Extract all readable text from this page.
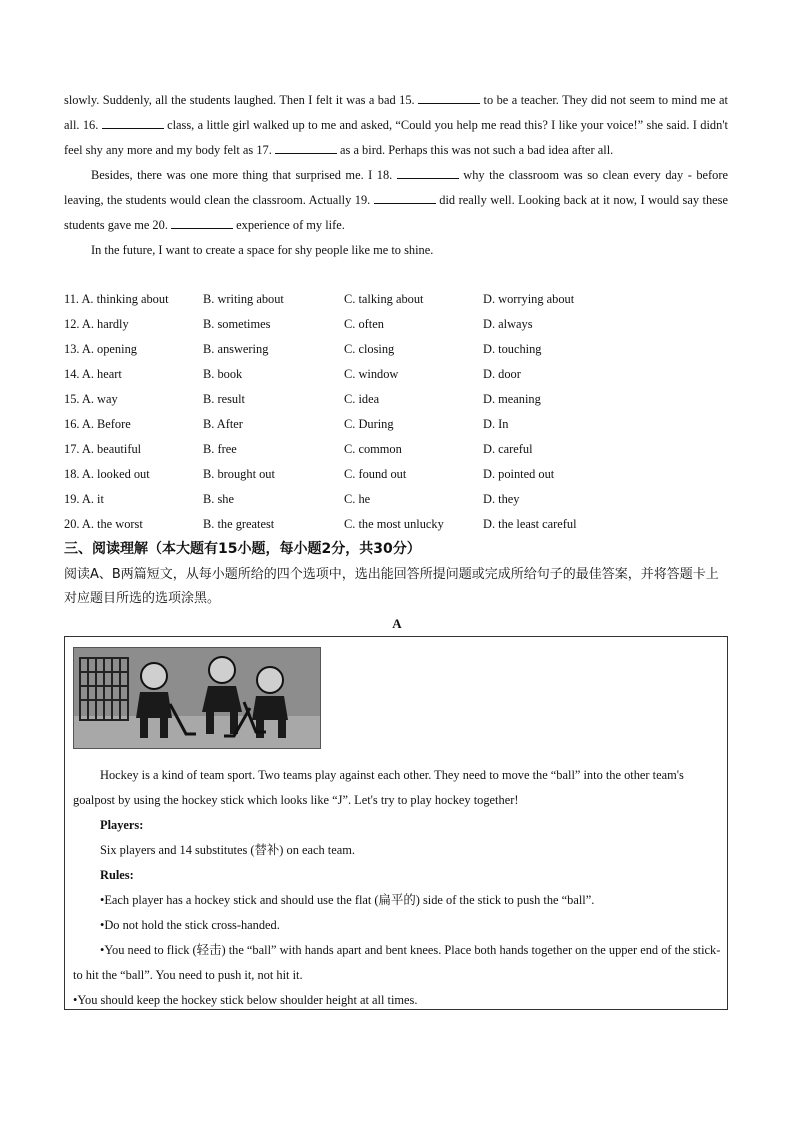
slowly. Suddenly, all the students laughed. Then I felt it was a bad 15.	to be a teacher. They did not seem to mind me at all. 16.	class, a little girl walked up to me and asked, “Could you help me read this? I like your voice!” she said. I didn't feel shy any more and my body felt as 17.	as a bird. Perhaps this was not such a bad idea after all.

Besides, there was one more thing that surprised me. I 18.	why the classroom was so clean every day - before leaving, the students would clean the classroom. Actually 19.	did really well. Looking back at it now, I would say these students gave me 20.	experience of my life.

In the future, I want to create a space for shy people like me to shine.

11. A. thinking about	B. writing about	C. talking about	D. worrying about
12. A. hardly	B. sometimes	C. often	D. always
13. A. opening	B. answering	C. closing	D. touching
14. A. heart	B. book	C. window	D. door
15. A. way	B. result	C. idea	D. meaning
16. A. Before	B. After	C. During	D. In
17. A. beautiful	B. free	C. common	D. careful
18. A. looked out	B. brought out	C. found out	D. pointed out
19. A. it	B. she	C. he	D. they
20. A. the worst	B. the greatest	C. the most unlucky	D. the least careful
三、阅读理解（本大题有15小题，每小题2分，共30分）
阅读A、B两篇短文，从每小题所给的四个选项中，选出能回答所提问题或完成所给句子的最佳答案，并将答题卡上对应题目所选的选项涂黑。
A

Hockey is a kind of team sport. Two teams play against each other. They need to move the “ball” into the other team's goalpost by using the hockey stick which looks like “J”. Let's try to play hockey together!

Players:

Six players and 14 substitutes (替补) on each team.

Rules:

•Each player has a hockey stick and should use the flat (扁平的) side of the stick to push the “ball”.

•Do not hold the stick cross-handed.

•You need to flick (轻击) the “ball” with hands apart and bent knees. Place both hands together on the upper end of the stick-to hit the “ball”. You need to push it, not hit it.

•You should keep the hockey stick below shoulder height at all times.
